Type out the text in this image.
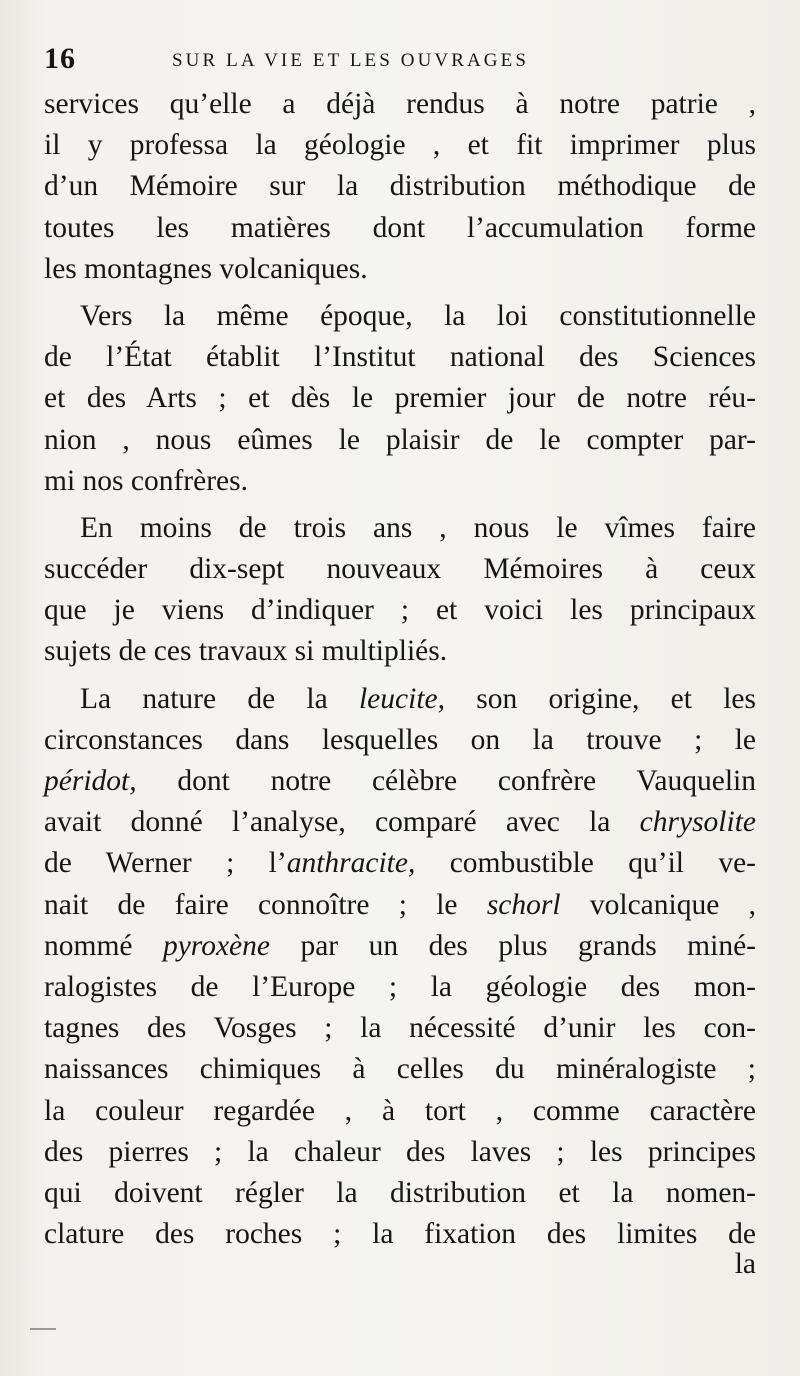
16	SUR LA VIE ET LES OUVRAGES
services qu’elle a déjà rendus à notre patrie ,
il y professa la géologie , et fit imprimer plus
d’un Mémoire sur la distribution méthodique de
toutes les matières dont l’accumulation forme
les montagnes volcaniques.
Vers la même époque, la loi constitutionnelle
de l’État établit l’Institut national des Sciences
et des Arts ; et dès le premier jour de notre réu-
nion , nous eûmes le plaisir de le compter par-
mi nos confrères.
En moins de trois ans , nous le vîmes faire
succéder dix-sept nouveaux Mémoires à ceux
que je viens d’indiquer ; et voici les principaux
sujets de ces travaux si multipliés.
La nature de la leucite, son origine, et les
circonstances dans lesquelles on la trouve ; le
péridot, dont notre célèbre confrère Vauquelin
avait donné l’analyse, comparé avec la chrysolite
de Werner ; l’anthracite, combustible qu’il ve-
nait de faire connoître ; le schorl volcanique ,
nommé pyroxène par un des plus grands miné-
ralogistes de l’Europe ; la géologie des mon-
tagnes des Vosges ; la nécessité d’unir les con-
naissances chimiques à celles du minéralogiste ;
la couleur regardée , à tort , comme caractère
des pierres ; la chaleur des laves ; les principes
qui doivent régler la distribution et la nomen-
clature des roches ; la fixation des limites de
la
